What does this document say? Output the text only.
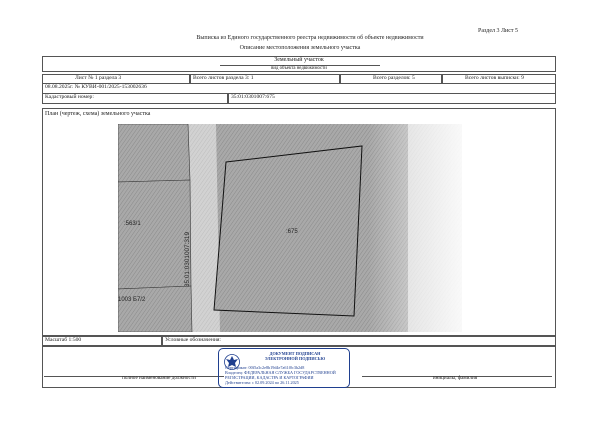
Раздел 3 Лист 5
Выписка из Единого государственного реестра недвижимости об объекте недвижимости
Описание местоположения земельного участка
Земельный участок
вид объекта недвижимости
Лист № 1 раздела 3	Всего листов раздела 3: 1	Всего разделов: 5	Всего листов выписки: 9
08.08.2025г. № КУВИ-001/2025-153002636
Кадастровый номер:	35:01:0301007:675
План (чертеж, схема) земельного участка
:675
:563/1
1003 Б7/2
35:01:0301007:319
Масштаб 1:500	Условные обозначения:
полное наименование должности	инициалы, фамилия
ДОКУМЕНТ ПОДПИСАН
ЭЛЕКТРОННОЙ ПОДПИСЬЮ
Сертификат: 00f5a3c2e8b19d4e7a61f0c3b2d8
Владелец: ФЕДЕРАЛЬНАЯ СЛУЖБА ГОСУДАРСТВЕННОЙ
РЕГИСТРАЦИИ, КАДАСТРА И КАРТОГРАФИИ
Действителен: с 02.09.2024 по 26.11.2025
